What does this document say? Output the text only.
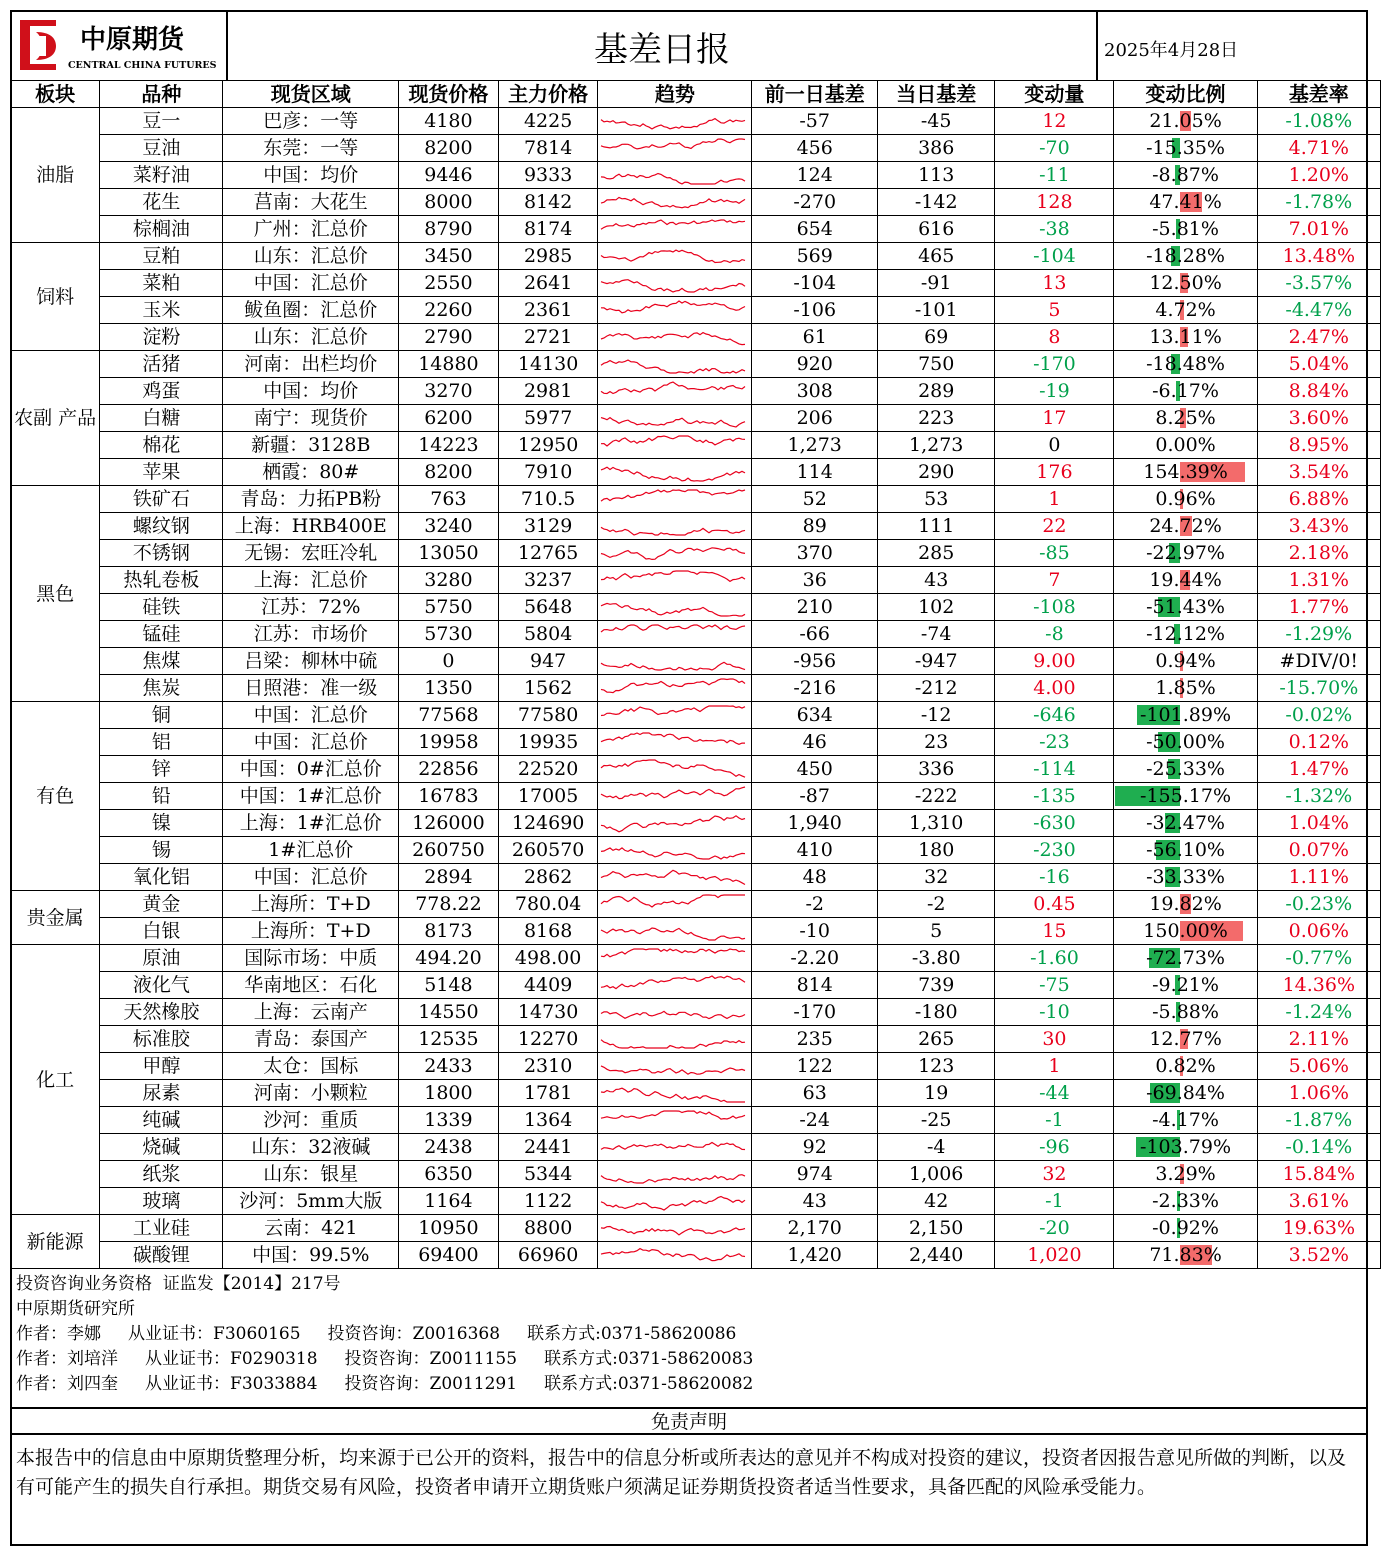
中原期货
CENTRAL CHINA FUTURES	基差日报	2025年4月28日
板块	品种	现货区域	现货价格	主力价格	趋势	前一日基差	当日基差	变动量	变动比例	基差率
油脂	豆一	巴彦：一等	4180	4225		-57	-45	12	21.05%	-1.08%
	豆油	东莞：一等	8200	7814		456	386	-70	-15.35%	4.71%
	菜籽油	中国：均价	9446	9333		124	113	-11	-8.87%	1.20%
	花生	莒南：大花生	8000	8142		-270	-142	128	47.41%	-1.78%
	棕榈油	广州：汇总价	8790	8174		654	616	-38	-5.81%	7.01%
饲料	豆粕	山东：汇总价	3450	2985		569	465	-104	-18.28%	13.48%
	菜粕	中国：汇总价	2550	2641		-104	-91	13	12.50%	-3.57%
	玉米	鲅鱼圈：汇总价	2260	2361		-106	-101	5	4.72%	-4.47%
	淀粉	山东：汇总价	2790	2721		61	69	8	13.11%	2.47%
农副 产品	活猪	河南：出栏均价	14880	14130		920	750	-170	-18.48%	5.04%
	鸡蛋	中国：均价	3270	2981		308	289	-19	-6.17%	8.84%
	白糖	南宁：现货价	6200	5977		206	223	17	8.25%	3.60%
	棉花	新疆：3128B	14223	12950		1,273	1,273	0	0.00%	8.95%
	苹果	栖霞：80#	8200	7910		114	290	176	154.39%	3.54%
黑色	铁矿石	青岛：力拓PB粉	763	710.5		52	53	1	0.96%	6.88%
	螺纹钢	上海：HRB400E	3240	3129		89	111	22	24.72%	3.43%
	不锈钢	无锡：宏旺冷轧	13050	12765		370	285	-85	-22.97%	2.18%
	热轧卷板	上海：汇总价	3280	3237		36	43	7	19.44%	1.31%
	硅铁	江苏：72%	5750	5648		210	102	-108	-51.43%	1.77%
	锰硅	江苏：市场价	5730	5804		-66	-74	-8	-12.12%	-1.29%
	焦煤	吕梁：柳林中硫	0	947		-956	-947	9.00	0.94%	#DIV/0!
	焦炭	日照港：准一级	1350	1562		-216	-212	4.00	1.85%	-15.70%
有色	铜	中国：汇总价	77568	77580		634	-12	-646	-101.89%	-0.02%
	铝	中国：汇总价	19958	19935		46	23	-23	-50.00%	0.12%
	锌	中国：0#汇总价	22856	22520		450	336	-114	-25.33%	1.47%
	铅	中国：1#汇总价	16783	17005		-87	-222	-135	-155.17%	-1.32%
	镍	上海：1#汇总价	126000	124690		1,940	1,310	-630	-32.47%	1.04%
	锡	1#汇总价	260750	260570		410	180	-230	-56.10%	0.07%
	氧化铝	中国：汇总价	2894	2862		48	32	-16	-33.33%	1.11%
贵金属	黄金	上海所：T+D	778.22	780.04		-2	-2	0.45	19.82%	-0.23%
	白银	上海所：T+D	8173	8168		-10	5	15	150.00%	0.06%
化工	原油	国际市场：中质	494.20	498.00		-2.20	-3.80	-1.60	-72.73%	-0.77%
	液化气	华南地区：石化	5148	4409		814	739	-75	-9.21%	14.36%
	天然橡胶	上海：云南产	14550	14730		-170	-180	-10	-5.88%	-1.24%
	标准胶	青岛：泰国产	12535	12270		235	265	30	12.77%	2.11%
	甲醇	太仓：国标	2433	2310		122	123	1	0.82%	5.06%
	尿素	河南：小颗粒	1800	1781		63	19	-44	-69.84%	1.06%
	纯碱	沙河：重质	1339	1364		-24	-25	-1	-4.17%	-1.87%
	烧碱	山东：32液碱	2438	2441		92	-4	-96	-103.79%	-0.14%
	纸浆	山东：银星	6350	5344		974	1,006	32	3.29%	15.84%
	玻璃	沙河：5mm大版	1164	1122		43	42	-1	-2.33%	3.61%
新能源	工业硅	云南：421	10950	8800		2,170	2,150	-20	-0.92%	19.63%
	碳酸锂	中国：99.5%	69400	66960		1,420	2,440	1,020	71.83%	3.52%
投资咨询业务资格  证监发【2014】217号
中原期货研究所
作者：李娜     从业证书：F3060165     投资咨询：Z0016368     联系方式:0371-58620086
作者：刘培洋     从业证书：F0290318     投资咨询：Z0011155     联系方式:0371-58620083
作者：刘四奎     从业证书：F3033884     投资咨询：Z0011291     联系方式:0371-58620082
免责声明
本报告中的信息由中原期货整理分析，均来源于已公开的资料，报告中的信息分析或所表达的意见并不构成对投资的建议，投资者因报告意见所做的判断，以及有可能产生的损失自行承担。期货交易有风险，投资者申请开立期货账户须满足证券期货投资者适当性要求，具备匹配的风险承受能力。
